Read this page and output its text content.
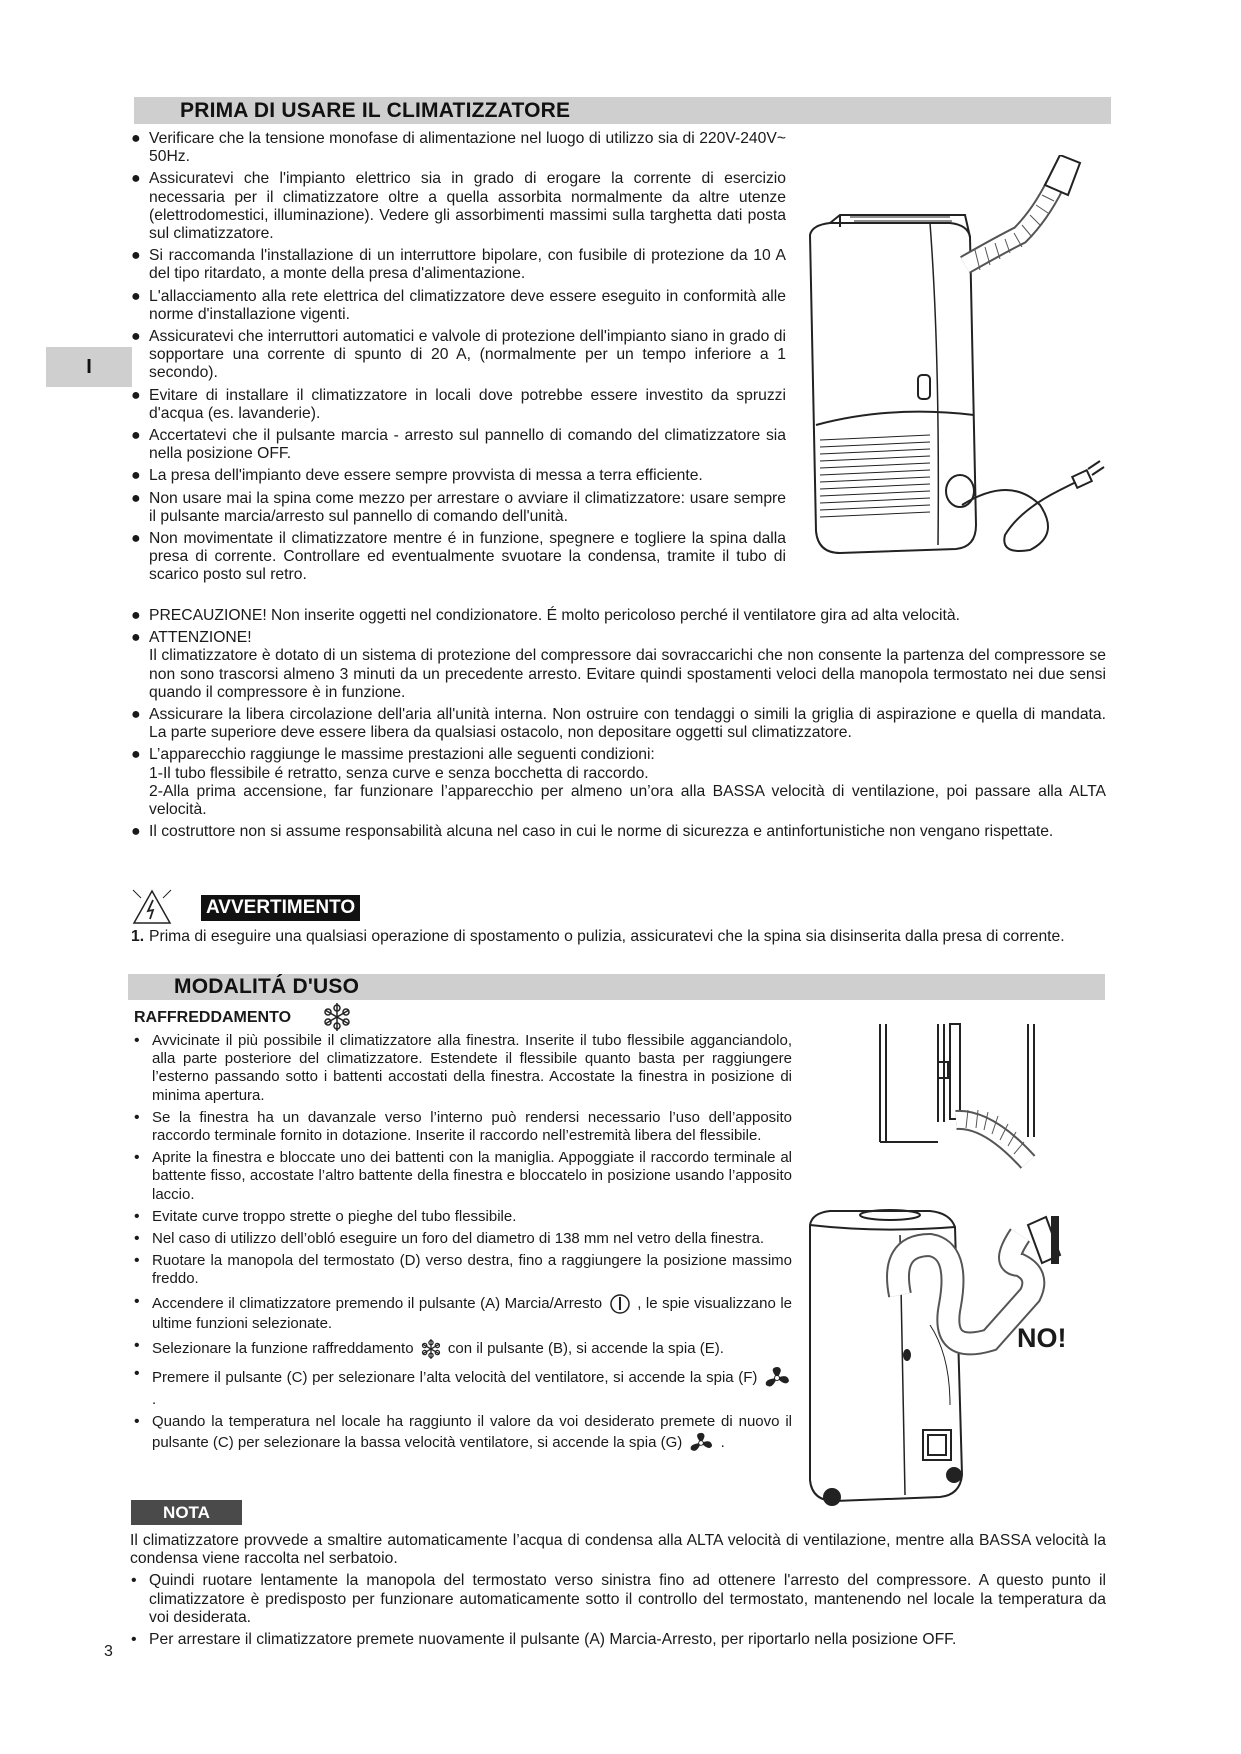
PRIMA DI USARE IL CLIMATIZZATORE
I
● Verificare che la tensione monofase di alimentazione nel luogo di utilizzo sia di 220V-240V~ 50Hz.
● Assicuratevi che l'impianto elettrico sia in grado di erogare la corrente di esercizio necessaria per il climatizzatore oltre a quella assorbita normalmente da altre utenze (elettrodomestici, illuminazione). Vedere gli assorbimenti massimi sulla targhetta dati posta sul climatizzatore.
● Si raccomanda l'installazione di un interruttore bipolare, con fusibile di protezione da 10 A del tipo ritardato, a monte della presa d'alimentazione.
● L'allacciamento alla rete elettrica del climatizzatore deve essere eseguito in conformità alle norme d'installazione vigenti.
● Assicuratevi che interruttori automatici e valvole di protezione dell'impianto siano in grado di sopportare una corrente di spunto di 20 A, (normalmente per un tempo inferiore a 1 secondo).
● Evitare di installare il climatizzatore in locali dove potrebbe essere investito da spruzzi d'acqua (es. lavanderie).
● Accertatevi che il pulsante marcia - arresto sul pannello di comando del climatizzatore sia nella posizione OFF.
● La presa dell'impianto deve essere sempre provvista di messa a terra efficiente.
● Non usare mai la spina come mezzo per arrestare o avviare il climatizzatore: usare sempre il pulsante marcia/arresto sul pannello di comando dell'unità.
● Non movimentate il climatizzatore mentre é in funzione, spegnere e togliere la spina dalla presa di corrente. Controllare ed eventualmente svuotare la condensa, tramite il tubo di scarico posto sul retro.
● PRECAUZIONE! Non inserite oggetti nel condizionatore. É molto pericoloso perché il ventilatore gira ad alta velocità.
● ATTENZIONE!
Il climatizzatore è dotato di un sistema di protezione del compressore dai sovraccarichi che non consente la partenza del compressore se non sono trascorsi almeno 3 minuti da un precedente arresto. Evitare quindi spostamenti veloci della manopola termostato nei due sensi quando il compressore è in funzione.
● Assicurare la libera circolazione dell'aria all'unità interna. Non ostruire con tendaggi o simili la griglia di aspirazione e quella di mandata. La parte superiore deve essere libera da qualsiasi ostacolo, non depositare oggetti sul climatizzatore.
● L’apparecchio raggiunge le massime prestazioni alle seguenti condizioni:
1-Il tubo flessibile é retratto, senza curve e senza bocchetta di raccordo.
2-Alla prima accensione, far funzionare l’apparecchio per almeno un’ora alla BASSA velocità di ventilazione, poi passare alla ALTA velocità.
● Il costruttore non si assume responsabilità alcuna nel caso in cui le norme di sicurezza e antinfortunistiche non vengano rispettate.
AVVERTIMENTO
1. Prima di eseguire una qualsiasi operazione di spostamento o pulizia, assicuratevi che la spina sia disinserita dalla presa di corrente.
MODALITÁ D'USO
RAFFREDDAMENTO
• Avvicinate il più possibile il climatizzatore alla finestra. Inserite il tubo flessibile agganciandolo, alla parte posteriore del climatizzatore. Estendete il flessibile quanto basta per raggiungere l’esterno passando sotto i battenti accostati della finestra. Accostate la finestra in posizione di minima apertura.
• Se la finestra ha un davanzale verso l’interno può rendersi necessario l’uso dell’apposito raccordo terminale fornito in dotazione. Inserite il raccordo nell’estremità libera del flessibile.
• Aprite la finestra e bloccate uno dei battenti con la maniglia. Appoggiate il raccordo terminale al battente fisso, accostate l’altro battente della finestra e bloccatelo in posizione usando l’apposito laccio.
• Evitate curve troppo strette o pieghe del tubo flessibile.
• Nel caso di utilizzo dell’obló eseguire un foro del diametro di 138 mm nel vetro della finestra.
• Ruotare la manopola del termostato (D) verso destra, fino a raggiungere la posizione massimo freddo.
• Accendere il climatizzatore premendo il pulsante (A) Marcia/Arresto , le spie visualizzano le ultime funzioni selezionate.
• Selezionare la funzione raffreddamento con il pulsante (B), si accende la spia (E).
• Premere il pulsante (C) per selezionare l’alta velocità del ventilatore, si accende la spia (F)  .
• Quando la temperatura nel locale ha raggiunto il valore da voi desiderato premete di nuovo il pulsante (C) per selezionare la bassa velocità ventilatore, si accende la spia (G)	.
NO!
NOTA
Il climatizzatore provvede a smaltire automaticamente l’acqua di condensa alla ALTA velocità di ventilazione, mentre alla BASSA velocità la condensa viene raccolta nel serbatoio.
• Quindi ruotare lentamente la manopola del termostato verso sinistra fino ad ottenere l'arresto del compressore. A questo punto il climatizzatore è predisposto per funzionare automaticamente sotto il controllo del termostato, mantenendo nel locale la temperatura da voi desiderata.
• Per arrestare il climatizzatore premete nuovamente il pulsante (A) Marcia-Arresto, per riportarlo nella posizione OFF.
3
